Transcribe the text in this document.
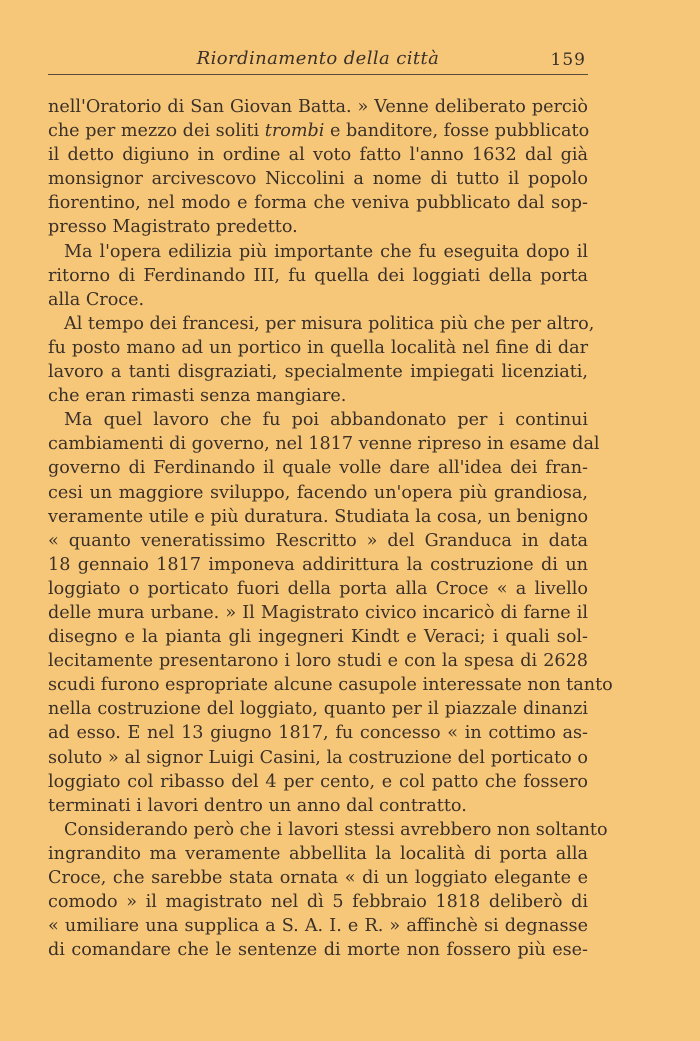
Riordinamento della città	159
nell'Oratorio di San Giovan Batta. » Venne deliberato perciò
che per mezzo dei soliti trombi e banditore, fosse pubblicato
il detto digiuno in ordine al voto fatto l'anno 1632 dal già
monsignor arcivescovo Niccolini a nome di tutto il popolo
fiorentino, nel modo e forma che veniva pubblicato dal sop-
presso Magistrato predetto.
Ma l'opera edilizia più importante che fu eseguita dopo il
ritorno di Ferdinando III, fu quella dei loggiati della porta
alla Croce.
Al tempo dei francesi, per misura politica più che per altro,
fu posto mano ad un portico in quella località nel fine di dar
lavoro a tanti disgraziati, specialmente impiegati licenziati,
che eran rimasti senza mangiare.
Ma quel lavoro che fu poi abbandonato per i continui
cambiamenti di governo, nel 1817 venne ripreso in esame dal
governo di Ferdinando il quale volle dare all'idea dei fran-
cesi un maggiore sviluppo, facendo un'opera più grandiosa,
veramente utile e più duratura. Studiata la cosa, un benigno
« quanto veneratissimo Rescritto » del Granduca in data
18 gennaio 1817 imponeva addirittura la costruzione di un
loggiato o porticato fuori della porta alla Croce « a livello
delle mura urbane. » Il Magistrato civico incaricò di farne il
disegno e la pianta gli ingegneri Kindt e Veraci; i quali sol-
lecitamente presentarono i loro studi e con la spesa di 2628
scudi furono espropriate alcune casupole interessate non tanto
nella costruzione del loggiato, quanto per il piazzale dinanzi
ad esso. E nel 13 giugno 1817, fu concesso « in cottimo as-
soluto » al signor Luigi Casini, la costruzione del porticato o
loggiato col ribasso del 4 per cento, e col patto che fossero
terminati i lavori dentro un anno dal contratto.
Considerando però che i lavori stessi avrebbero non soltanto
ingrandito ma veramente abbellita la località di porta alla
Croce, che sarebbe stata ornata « di un loggiato elegante e
comodo » il magistrato nel dì 5 febbraio 1818 deliberò di
« umiliare una supplica a S. A. I. e R. » affinchè si degnasse
di comandare che le sentenze di morte non fossero più ese-
